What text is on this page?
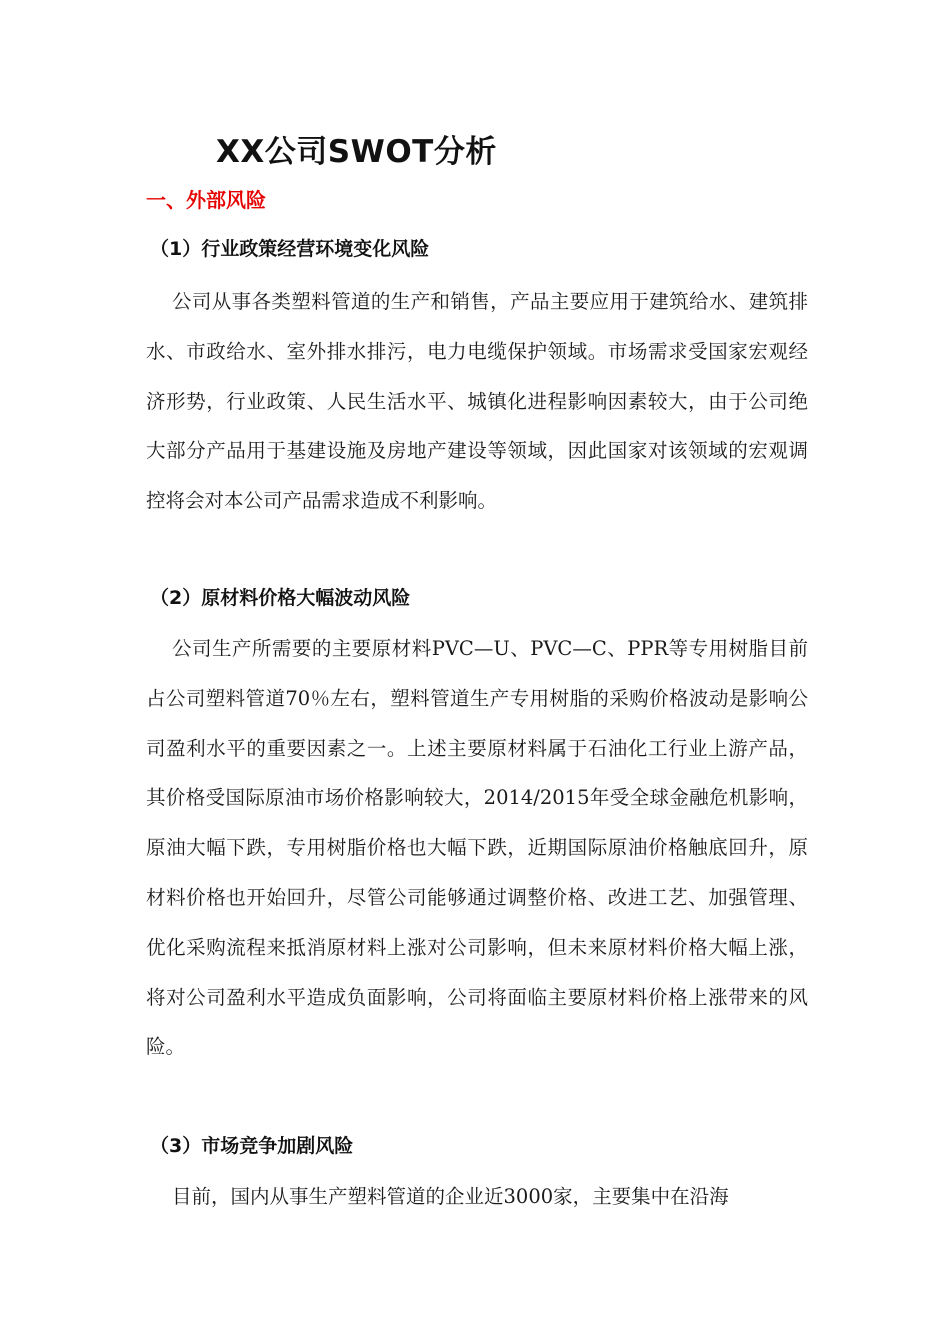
XX公司SWOT分析
一、外部风险
（1）行业政策经营环境变化风险

公司从事各类塑料管道的生产和销售，产品主要应用于建筑给水、建筑排水、市政给水、室外排水排污，电力电缆保护领域。市场需求受国家宏观经济形势，行业政策、人民生活水平、城镇化进程影响因素较大，由于公司绝大部分产品用于基建设施及房地产建设等领域，因此国家对该领域的宏观调控将会对本公司产品需求造成不利影响。

（2）原材料价格大幅波动风险

公司生产所需要的主要原材料PVC—U、PVC—C、PPR等专用树脂目前占公司塑料管道70％左右，塑料管道生产专用树脂的采购价格波动是影响公司盈利水平的重要因素之一。上述主要原材料属于石油化工行业上游产品，其价格受国际原油市场价格影响较大，2014/2015年受全球金融危机影响，原油大幅下跌，专用树脂价格也大幅下跌，近期国际原油价格触底回升，原材料价格也开始回升，尽管公司能够通过调整价格、改进工艺、加强管理、优化采购流程来抵消原材料上涨对公司影响，但未来原材料价格大幅上涨，将对公司盈利水平造成负面影响，公司将面临主要原材料价格上涨带来的风险。

（3）市场竞争加剧风险

目前，国内从事生产塑料管道的企业近3000家，主要集中在沿海
